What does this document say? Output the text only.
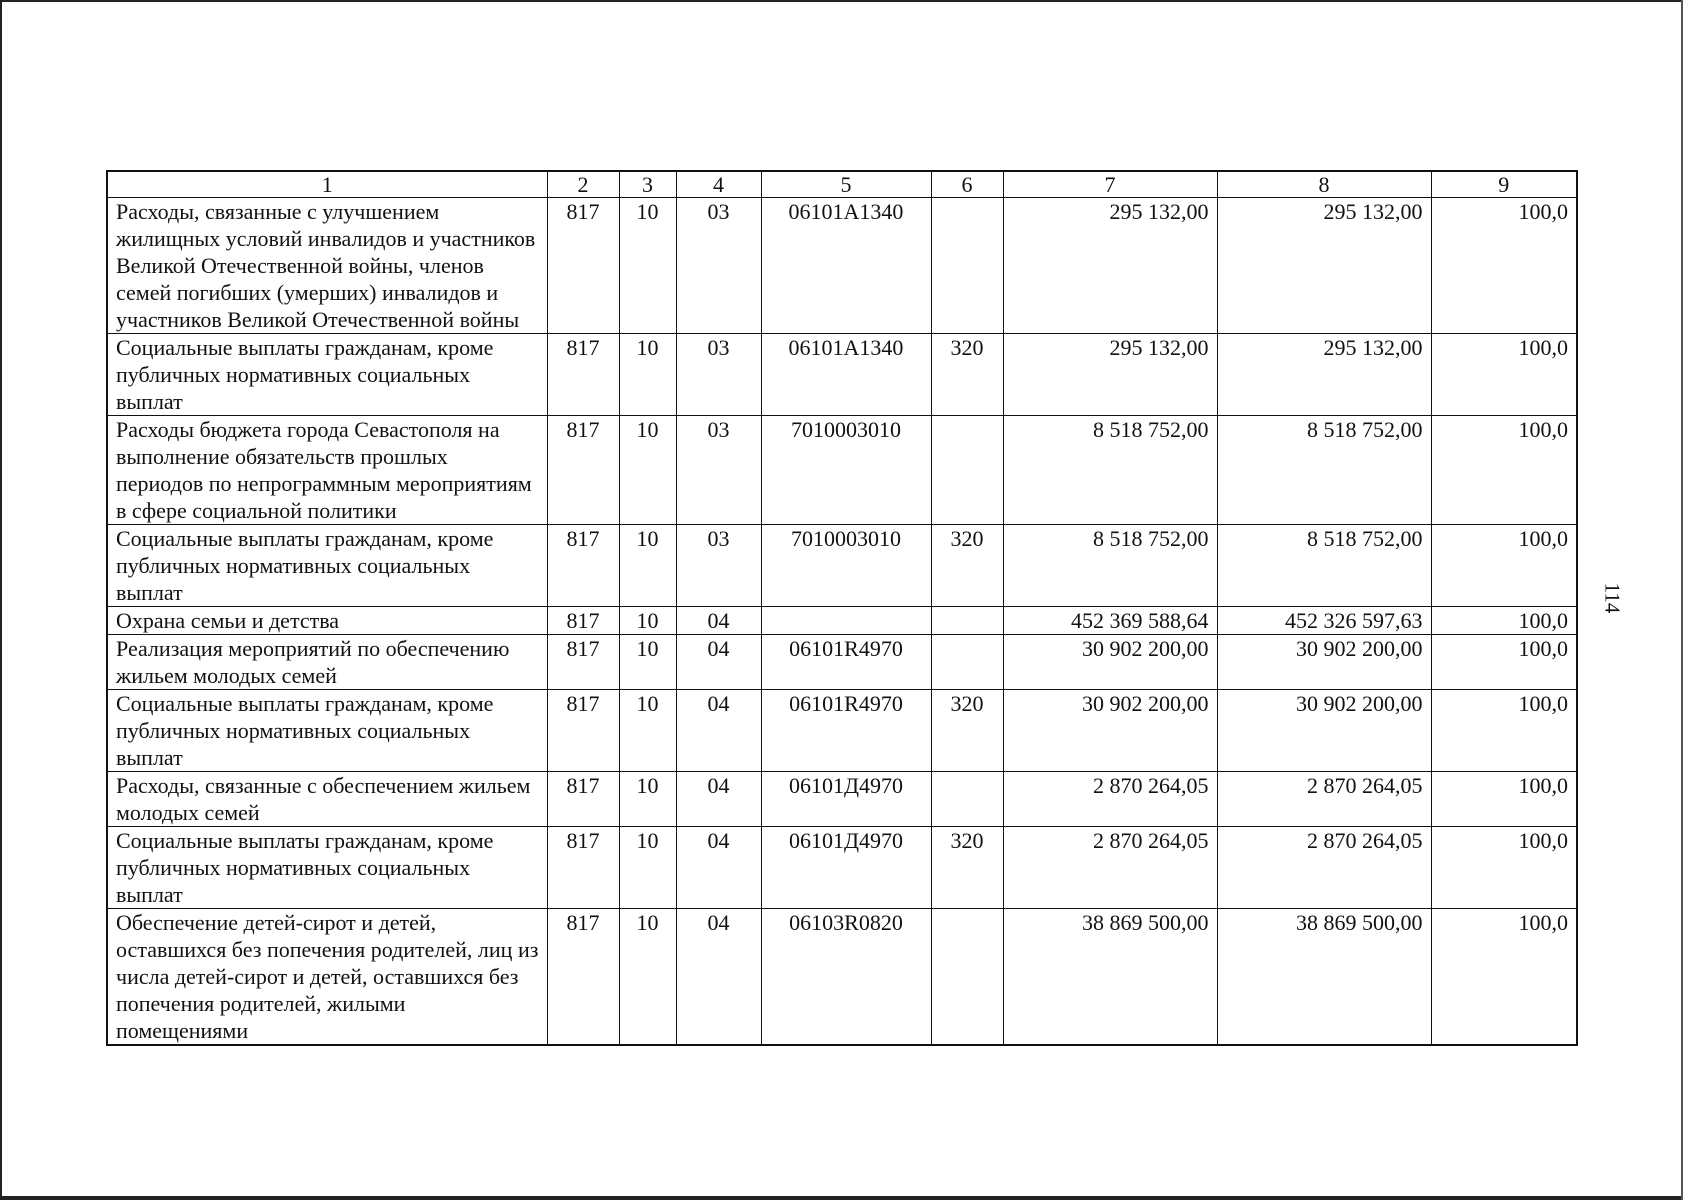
114
1	2	3	4	5	6	7	8	9
Расходы, связанные с улучшением жилищных условий инвалидов и участников Великой Отечественной войны, членов семей погибших (умерших) инвалидов и участников Великой Отечественной войны	817	10	03	06101A1340		295 132,00	295 132,00	100,0
Социальные выплаты гражданам, кроме публичных нормативных социальных выплат	817	10	03	06101A1340	320	295 132,00	295 132,00	100,0
Расходы бюджета города Севастополя на выполнение обязательств прошлых периодов по непрограммным мероприятиям в сфере социальной политики	817	10	03	7010003010		8 518 752,00	8 518 752,00	100,0
Социальные выплаты гражданам, кроме публичных нормативных социальных выплат	817	10	03	7010003010	320	8 518 752,00	8 518 752,00	100,0
Охрана семьи и детства	817	10	04			452 369 588,64	452 326 597,63	100,0
Реализация мероприятий по обеспечению жильем молодых семей	817	10	04	06101R4970		30 902 200,00	30 902 200,00	100,0
Социальные выплаты гражданам, кроме публичных нормативных социальных выплат	817	10	04	06101R4970	320	30 902 200,00	30 902 200,00	100,0
Расходы, связанные с обеспечением жильем молодых семей	817	10	04	06101Д4970		2 870 264,05	2 870 264,05	100,0
Социальные выплаты гражданам, кроме публичных нормативных социальных выплат	817	10	04	06101Д4970	320	2 870 264,05	2 870 264,05	100,0
Обеспечение детей-сирот и детей, оставшихся без попечения родителей, лиц из числа детей-сирот и детей, оставшихся без попечения родителей, жилыми помещениями	817	10	04	06103R0820		38 869 500,00	38 869 500,00	100,0
